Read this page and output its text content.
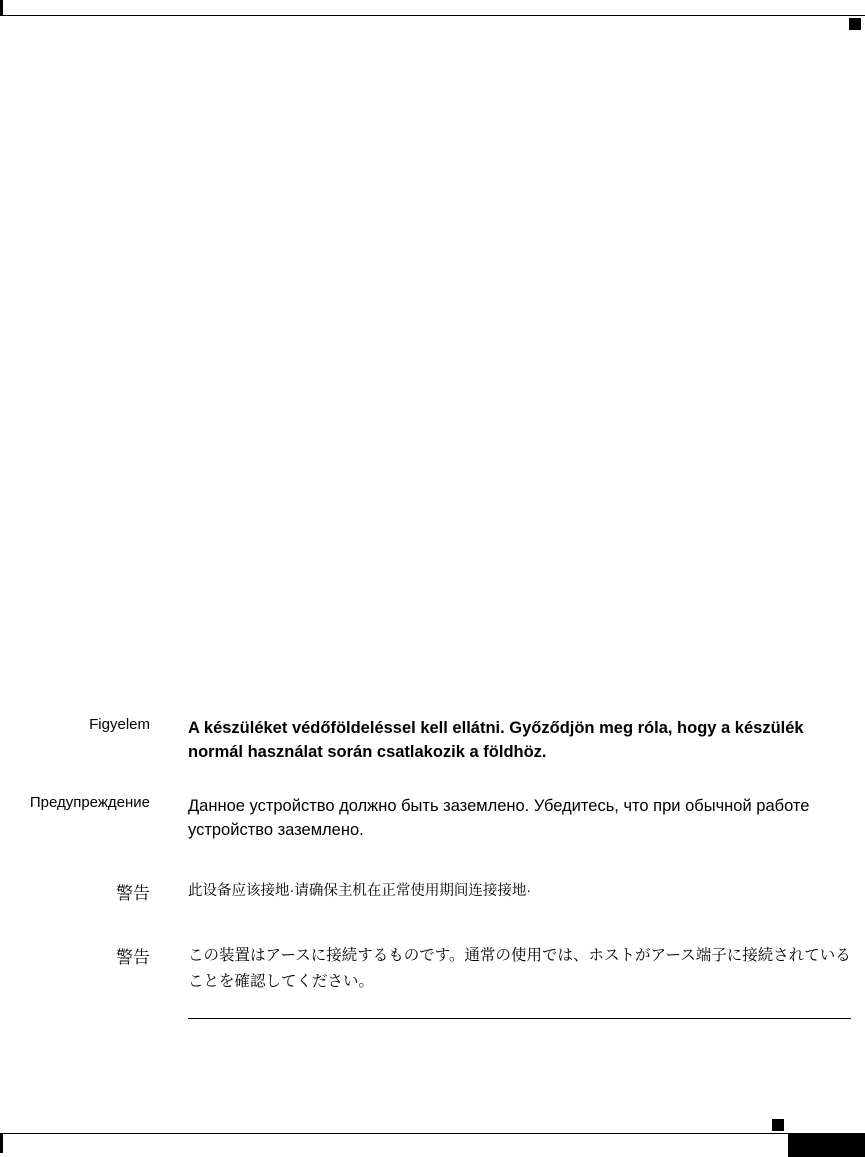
Figyelem A készüléket védőföldeléssel kell ellátni. Győződjön meg róla, hogy a készülék normál használat során csatlakozik a földhöz.
Предупреждение Данное устройство должно быть заземлено. Убедитесь, что при обычной работе устройство заземлено.
警告	此设备应该接地·请确保主机在正常使用期间连接接地·
警告 この装置はアースに接続するものです。通常の使用では、ホストがアース端子に接続されていることを確認してください。
